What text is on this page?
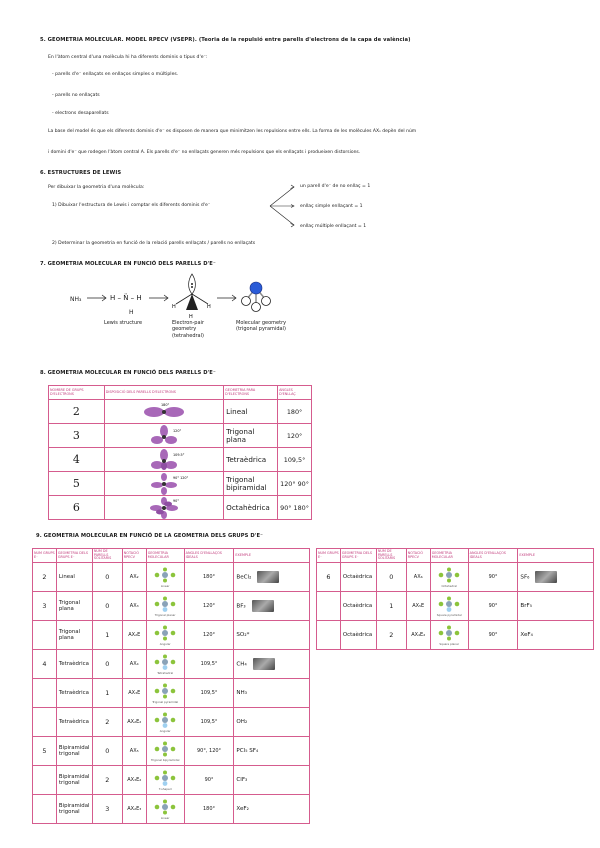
5. GEOMETRIA MOLECULAR. MODEL RPECV (VSEPR). (Teoria de la repulsió entre parells d'electrons de la capa de valència)
En l'àtom central d'una molècula hi ha diferents dominis o tipus d'e⁻:
- parells d'e⁻ enllaçats en enllaços simples o múltiples.
- parells no enllaçats
- electrons desaparellats
La base del model és que els diferents dominis d'e⁻ es disposen de manera que minimitzen les repulsions entre ells. La forma de les molècules AXₙ depèn del núm
i domini d'e⁻ que rodegen l'àtom central A. Els parells d'e⁻ no enllaçats generen més repulsions que els enllaçats i produeixen distorsions.
6. ESTRUCTURES DE LEWIS
Per dibuixar la geometria d'una molècula:
1) Dibuixar l'estructura de Lewis i comptar els diferents dominis d'e⁻
un parell d'e⁻ de no enllaç = 1
enllaç simple enllaçant = 1
enllaç múltiple enllaçant = 1
2) Determinar la geometria en funció de la relació parells enllaçats / parells no enllaçats
7. GEOMETRIA MOLECULAR EN FUNCIÓ DELS PARELLS D'E⁻
NH₃	H – N̈ – H
H
H	H
H
Lewis structure	Electron-pair geometry (tetrahedral)
Molecular geometry (trigonal pyramidal)
8. GEOMETRIA MOLECULAR EN FUNCIÓ DELS PARELLS D'E⁻
NOMBRE DE GRUPS D'ELECTRONS	DISPOSICIÓ DELS PARELLS D'ELECTRONS	GEOMETRIA PARA D'ELECTRONS	ANGLES D'ENLLAÇ
2	180°	Lineal	180°
3	120°	Trigonal plana	120°
4	109.5°	Tetraèdrica	109,5°
5	90° 120°	Trigonal bipiramidal	120° 90°
6	90°	Octahèdrica	90° 180°
9. GEOMETRIA MOLECULAR EN FUNCIÓ DE LA GEOMETRIA DELS GRUPS D'E⁻
NUM GRUPS E⁻	GEOMETRIA DELS GRUPS E⁻	NÚM DE PARELLS SOLITARIS	NOTACIÓ RPECV	GEOMETRIA MOLECULAR	ANGLES D'ENLLAÇOS IDEALS	EXEMPLE
2	Lineal	0	AX₂	Linear	180°	BeCl₂
3	Trigonal plana	0	AX₃	Trigonal planar	120°	BF₃
	Trigonal plana	1	AX₂E	Angular	120°	SO₂*
4	Tetraèdrica	0	AX₄	Tetrahedral	109,5°	CH₄
	Tetraèdrica	1	AX₃E	Trigonal pyramidal	109,5°	NH₃
	Tetraèdrica	2	AX₂E₂	Angular	109,5°	OH₂
5	Bipiramidal trigonal	0	AX₅	Trigonal bipyramidal	90°, 120°	PCl₅ SF₄
	Bipiramidal trigonal	2	AX₃E₂	T-shaped	90°	ClF₃
	Bipiramidal trigonal	3	AX₂E₃	Linear	180°	XeF₂
NUM GRUPS E⁻	GEOMETRIA DELS GRUPS E⁻	NÚM DE PARELLS SOLITARIS	NOTACIÓ RPECV	GEOMETRIA MOLECULAR	ANGLES D'ENLLAÇOS IDEALS	EXEMPLE
6	Octaèdrica	0	AX₆	Octahedral	90°	SF₆
	Octaèdrica	1	AX₅E	Square pyramidal	90°	BrF₅
	Octaèdrica	2	AX₄E₂	Square planar	90°	XeF₄
